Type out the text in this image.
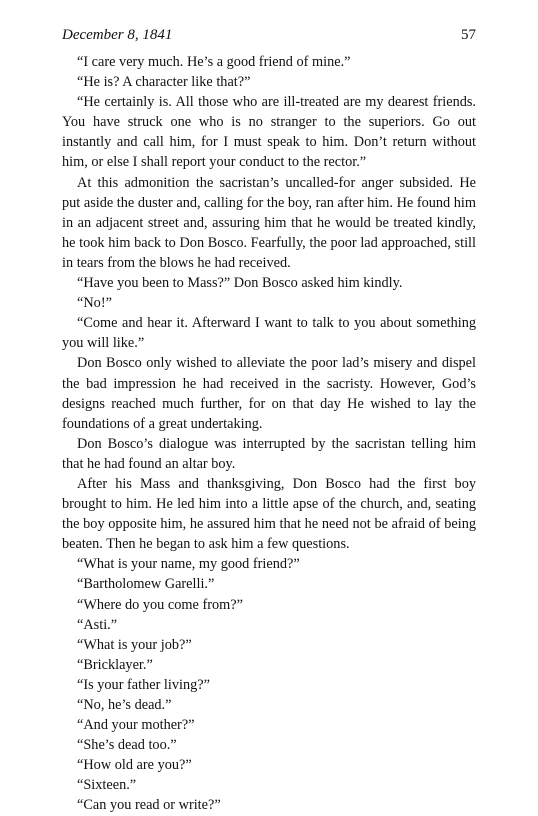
December 8, 1841	57

“I care very much. He’s a good friend of mine.”

“He is? A character like that?”

“He certainly is. All those who are ill-treated are my dearest friends. You have struck one who is no stranger to the superiors. Go out instantly and call him, for I must speak to him. Don’t return without him, or else I shall report your conduct to the rector.”

At this admonition the sacristan’s uncalled-for anger subsided. He put aside the duster and, calling for the boy, ran after him. He found him in an adjacent street and, assuring him that he would be treated kindly, he took him back to Don Bosco. Fearfully, the poor lad approached, still in tears from the blows he had received.

“Have you been to Mass?” Don Bosco asked him kindly.

“No!”

“Come and hear it. Afterward I want to talk to you about something you will like.”

Don Bosco only wished to alleviate the poor lad’s misery and dispel the bad impression he had received in the sacristy. However, God’s designs reached much further, for on that day He wished to lay the foundations of a great undertaking.

Don Bosco’s dialogue was interrupted by the sacristan telling him that he had found an altar boy.

After his Mass and thanksgiving, Don Bosco had the first boy brought to him. He led him into a little apse of the church, and, seating the boy opposite him, he assured him that he need not be afraid of being beaten. Then he began to ask him a few questions.

“What is your name, my good friend?”

“Bartholomew Garelli.”

“Where do you come from?”

“Asti.”

“What is your job?”

“Bricklayer.”

“Is your father living?”

“No, he’s dead.”

“And your mother?”

“She’s dead too.”

“How old are you?”

“Sixteen.”

“Can you read or write?”
